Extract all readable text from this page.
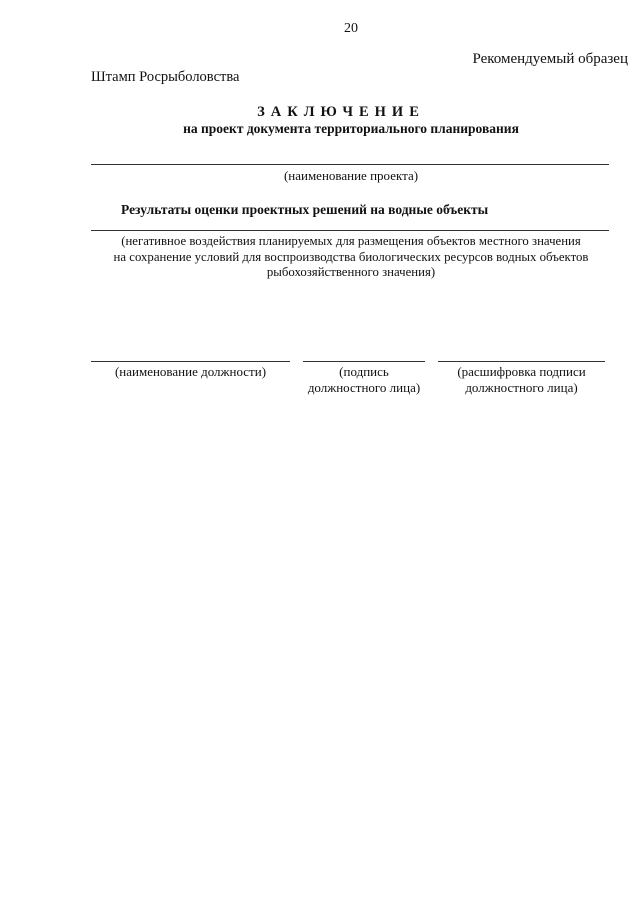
20
Рекомендуемый образец
Штамп Росрыболовства
ЗАКЛЮЧЕНИЕ
на проект документа территориального планирования
(наименование проекта)
Результаты оценки проектных решений на водные объекты
(негативное воздействия планируемых для размещения объектов местного значения
на сохранение условий для воспроизводства биологических ресурсов водных объектов
рыбохозяйственного значения)
(наименование должности)	(подпись
должностного лица)
(расшифровка подписи
должностного лица)
